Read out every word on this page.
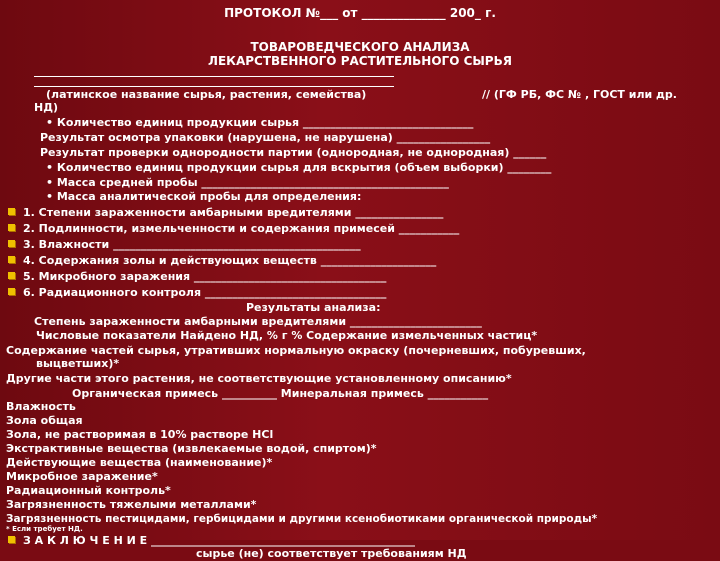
ПРОТОКОЛ №___ от ______________ 200_ г.
ТОВАРОВЕДЧЕСКОГО АНАЛИЗА
ЛЕКАРСТВЕННОГО РАСТИТЕЛЬНОГО СЫРЬЯ
(латинское название сырья, растения, семейства)	// (ГФ РБ, ФС № , ГОСТ или др.
НД)
• Количество единиц продукции сырья _______________________________
Результат осмотра упаковки (нарушена, не нарушена) _________________
Результат проверки однородности партии (однородная, не однородная) ______
• Количество единиц продукции сырья для вскрытия (объем выборки) ________
• Масса средней пробы _____________________________________________
• Масса аналитической пробы для определения:
1. Степени зараженности амбарными вредителями ________________
2. Подлинности, измельченности и содержания примесей ___________
3. Влажности _____________________________________________
4. Содержания золы и действующих веществ _____________________
5. Микробного заражения ___________________________________
6. Радиационного контроля _________________________________
Результаты анализа:
Степень зараженности амбарными вредителями ________________________
Числовые показатели Найдено НД, % г % Содержание измельченных частиц*
Содержание частей сырья, утративших нормальную окраску (почерневших, побуревших,
выцветших)*
Другие части этого растения, не соответствующие установленному описанию*
Органическая примесь __________ Минеральная примесь ___________
Влажность
Зола общая
Зола, не растворимая в 10% растворе HCl
Экстрактивные вещества (извлекаемые водой, спиртом)*
Действующие вещества (наименование)*
Микробное заражение*
Радиационный контроль*
Загрязненность тяжелыми металлами*
Загрязненность пестицидами, гербицидами и другими ксенобиотиками органической природы*
* Если требует НД.
З А К Л Ю Ч Е Н И Е ________________________________________________
сырье (не) соответствует требованиям НД
